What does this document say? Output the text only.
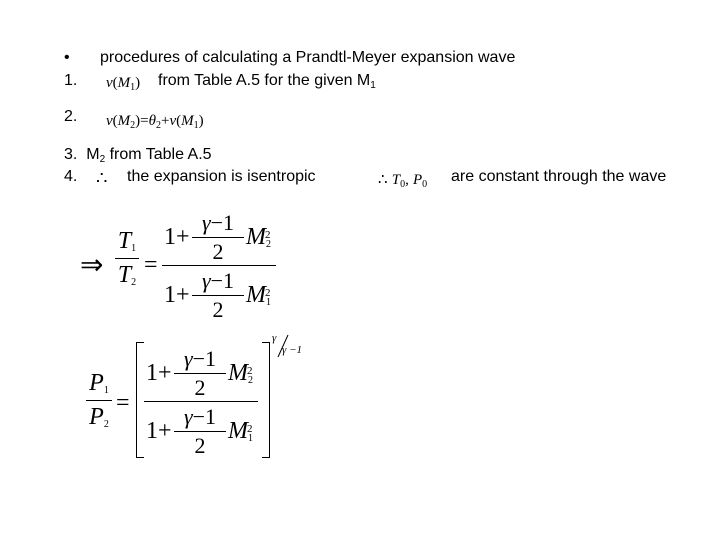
• procedures of calculating a Prandtl-Meyer expansion wave
1. $\nu(M_1)$ from Table A.5 for the given $M_1$
2. $\nu(M_2)=\theta_2+\nu(M_1)$
3. $M_2$ from Table A.5
4. ∴ the expansion is isentropic	∴ $T_0$, $P_0$ are constant through the wave
⇒
$T_1$
$T_2$
=
1 +
γ−1
2
$M_2^2$
1 +
γ−1
2
$M_1^2$
$P_1$
$P_2$
=
1 +
γ−1
2
$M_2^2$
1 +
γ−1
2
$M_1^2$
γ
γ −1
